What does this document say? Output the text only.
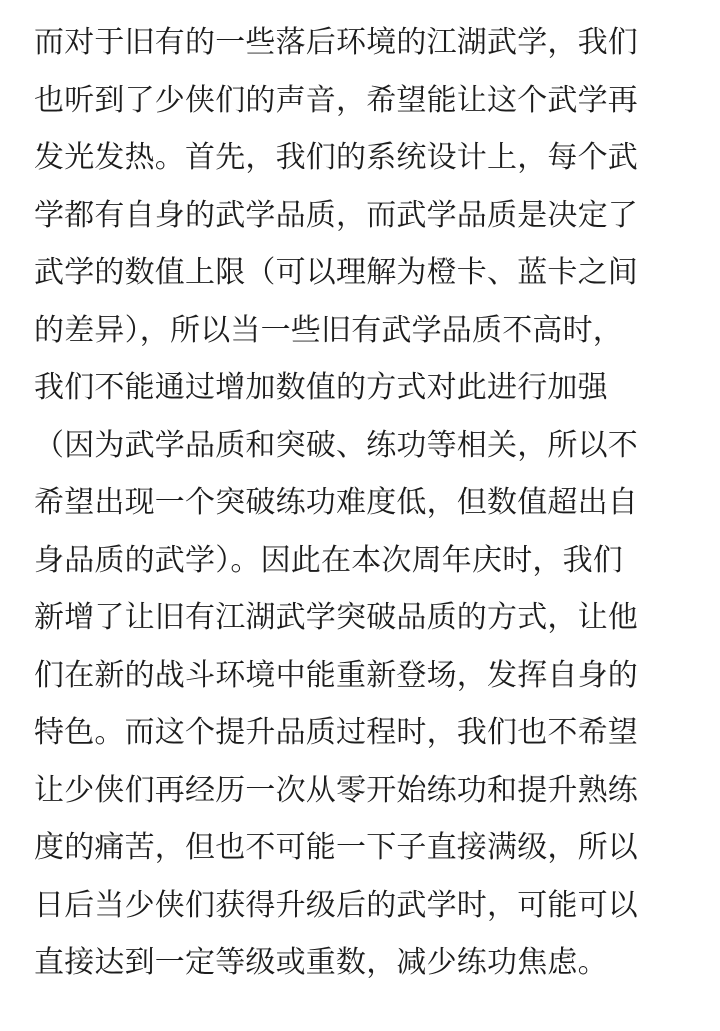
而对于旧有的一些落后环境的江湖武学，我们
也听到了少侠们的声音，希望能让这个武学再
发光发热。首先，我们的系统设计上，每个武
学都有自身的武学品质，而武学品质是决定了
武学的数值上限（可以理解为橙卡、蓝卡之间
的差异），所以当一些旧有武学品质不高时，
我们不能通过增加数值的方式对此进行加强
（因为武学品质和突破、练功等相关，所以不
希望出现一个突破练功难度低，但数值超出自
身品质的武学）。因此在本次周年庆时，我们
新增了让旧有江湖武学突破品质的方式，让他
们在新的战斗环境中能重新登场，发挥自身的
特色。而这个提升品质过程时，我们也不希望
让少侠们再经历一次从零开始练功和提升熟练
度的痛苦，但也不可能一下子直接满级，所以
日后当少侠们获得升级后的武学时，可能可以
直接达到一定等级或重数，减少练功焦虑。
